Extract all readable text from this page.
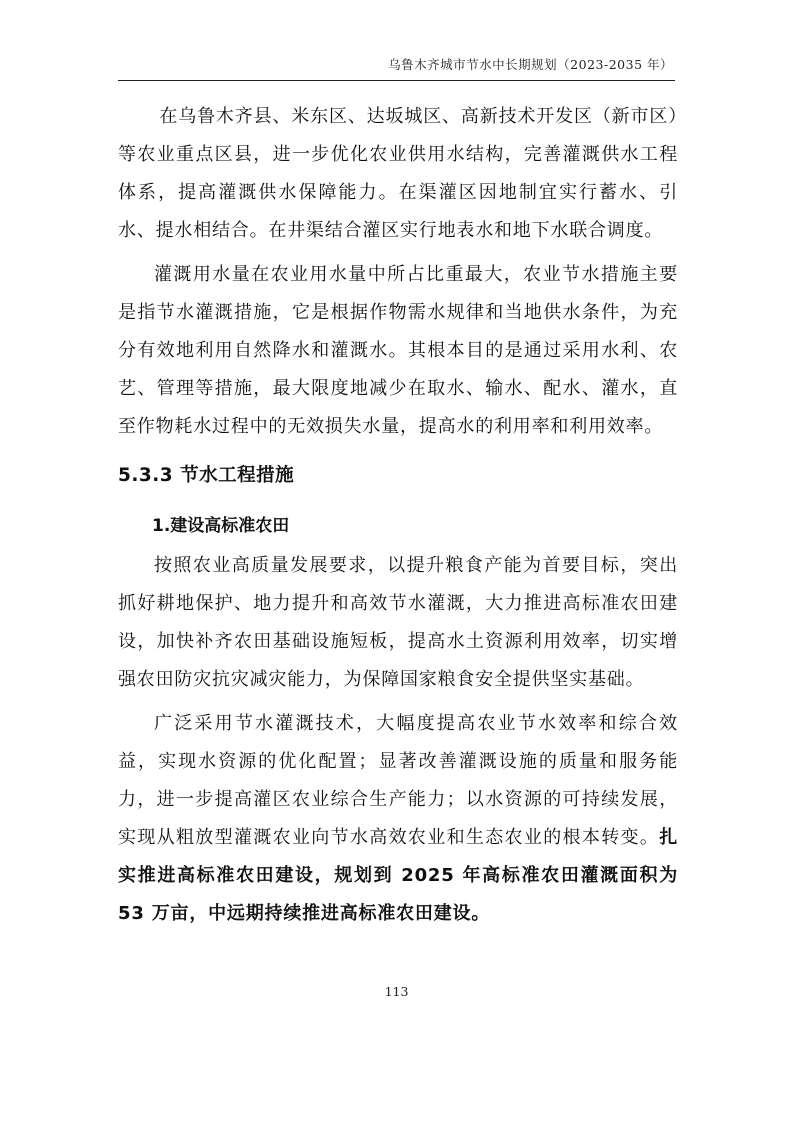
乌鲁木齐城市节水中长期规划（2023-2035 年）

在乌鲁木齐县、米东区、达坂城区、高新技术开发区（新市区）等农业重点区县，进一步优化农业供用水结构，完善灌溉供水工程体系，提高灌溉供水保障能力。在渠灌区因地制宜实行蓄水、引水、提水相结合。在井渠结合灌区实行地表水和地下水联合调度。

灌溉用水量在农业用水量中所占比重最大，农业节水措施主要是指节水灌溉措施，它是根据作物需水规律和当地供水条件，为充分有效地利用自然降水和灌溉水。其根本目的是通过采用水利、农艺、管理等措施，最大限度地减少在取水、输水、配水、灌水，直至作物耗水过程中的无效损失水量，提高水的利用率和利用效率。

5.3.3 节水工程措施
1.建设高标准农田

按照农业高质量发展要求，以提升粮食产能为首要目标，突出抓好耕地保护、地力提升和高效节水灌溉，大力推进高标准农田建设，加快补齐农田基础设施短板，提高水土资源利用效率，切实增强农田防灾抗灾减灾能力，为保障国家粮食安全提供坚实基础。

广泛采用节水灌溉技术，大幅度提高农业节水效率和综合效益，实现水资源的优化配置；显著改善灌溉设施的质量和服务能力，进一步提高灌区农业综合生产能力；以水资源的可持续发展，实现从粗放型灌溉农业向节水高效农业和生态农业的根本转变。扎实推进高标准农田建设，规划到 2025 年高标准农田灌溉面积为 53 万亩，中远期持续推进高标准农田建设。

113
